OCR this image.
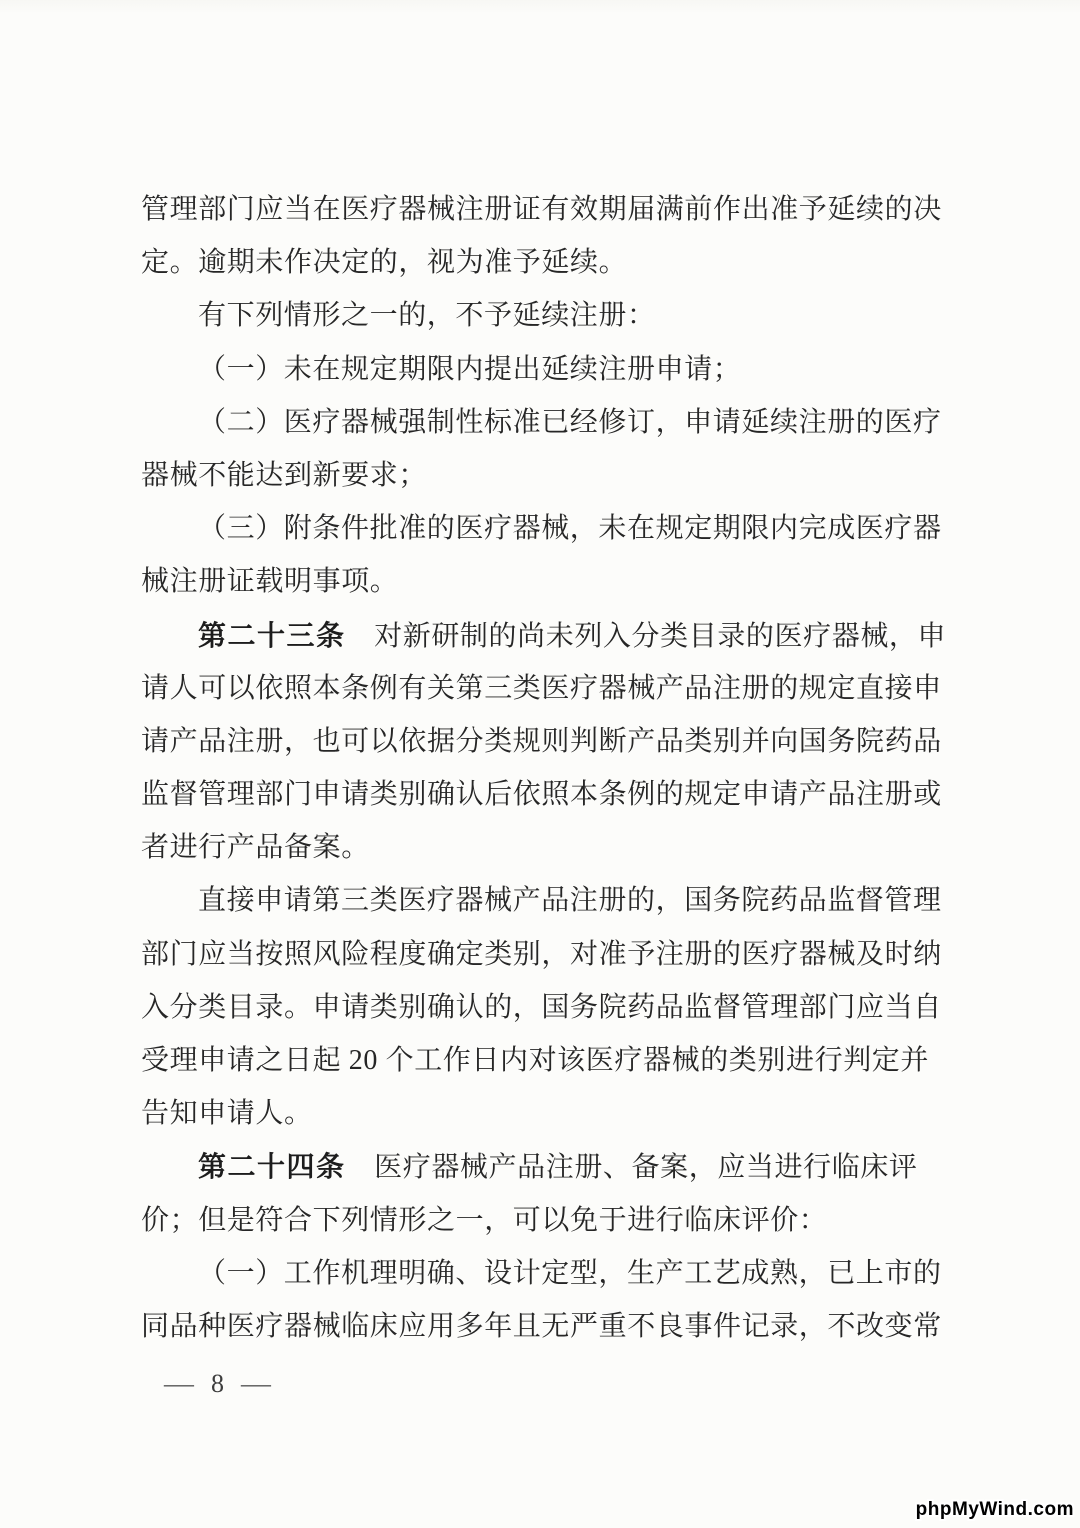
管理部门应当在医疗器械注册证有效期届满前作出准予延续的决
定。逾期未作决定的，视为准予延续。
有下列情形之一的，不予延续注册：
（一）未在规定期限内提出延续注册申请；
（二）医疗器械强制性标准已经修订，申请延续注册的医疗
器械不能达到新要求；
（三）附条件批准的医疗器械，未在规定期限内完成医疗器
械注册证载明事项。
第二十三条　对新研制的尚未列入分类目录的医疗器械，申
请人可以依照本条例有关第三类医疗器械产品注册的规定直接申
请产品注册，也可以依据分类规则判断产品类别并向国务院药品
监督管理部门申请类别确认后依照本条例的规定申请产品注册或
者进行产品备案。
直接申请第三类医疗器械产品注册的，国务院药品监督管理
部门应当按照风险程度确定类别，对准予注册的医疗器械及时纳
入分类目录。申请类别确认的，国务院药品监督管理部门应当自
受理申请之日起 20 个工作日内对该医疗器械的类别进行判定并
告知申请人。
第二十四条　医疗器械产品注册、备案，应当进行临床评
价；但是符合下列情形之一，可以免于进行临床评价：
（一）工作机理明确、设计定型，生产工艺成熟，已上市的
同品种医疗器械临床应用多年且无严重不良事件记录，不改变常
— 8 —
phpMyWind.com
